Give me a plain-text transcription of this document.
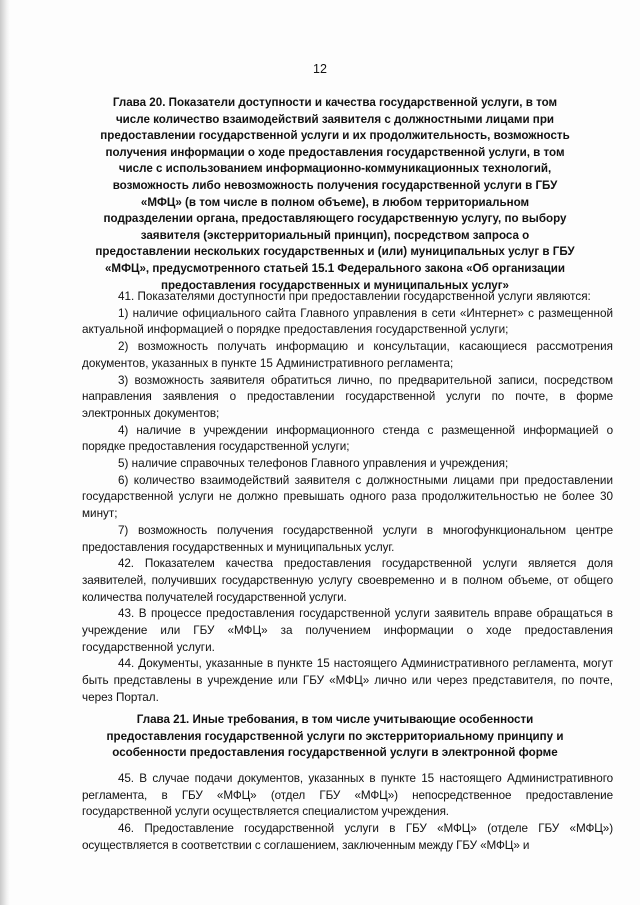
12
Глава 20. Показатели доступности и качества государственной услуги, в том
числе количество взаимодействий заявителя с должностными лицами при
предоставлении государственной услуги и их продолжительность, возможность
получения информации о ходе предоставления государственной услуги, в том
числе с использованием информационно-коммуникационных технологий,
возможность либо невозможность получения государственной услуги в ГБУ
«МФЦ» (в том числе в полном объеме), в любом территориальном
подразделении органа, предоставляющего государственную услугу, по выбору
заявителя (экстерриториальный принцип), посредством запроса о
предоставлении нескольких государственных и (или) муниципальных услуг в ГБУ
«МФЦ», предусмотренного статьей 15.1 Федерального закона «Об организации
предоставления государственных и муниципальных услуг»

41. Показателями доступности при предоставлении государственной услуги являются:

1) наличие официального сайта Главного управления в сети «Интернет» с размещенной актуальной информацией о порядке предоставления государственной услуги;

2) возможность получать информацию и консультации, касающиеся рассмотрения документов, указанных в пункте 15 Административного регламента;

3) возможность заявителя обратиться лично, по предварительной записи, посредством направления заявления о предоставлении государственной услуги по почте, в форме электронных документов;

4) наличие в учреждении информационного стенда с размещенной информацией о порядке предоставления государственной услуги;

5) наличие справочных телефонов Главного управления и учреждения;

6) количество взаимодействий заявителя с должностными лицами при предоставлении государственной услуги не должно превышать одного раза продолжительностью не более 30 минут;

7) возможность получения государственной услуги в многофункциональном центре предоставления государственных и муниципальных услуг.

42. Показателем качества предоставления государственной услуги является доля заявителей, получивших государственную услугу своевременно и в полном объеме, от общего количества получателей государственной услуги.

43. В процессе предоставления государственной услуги заявитель вправе обращаться в учреждение или ГБУ «МФЦ» за получением информации о ходе предоставления государственной услуги.

44. Документы, указанные в пункте 15 настоящего Административного регламента, могут быть представлены в учреждение или ГБУ «МФЦ» лично или через представителя, по почте, через Портал.

Глава 21. Иные требования, в том числе учитывающие особенности
предоставления государственной услуги по экстерриториальному принципу и
особенности предоставления государственной услуги в электронной форме

45. В случае подачи документов, указанных в пункте 15 настоящего Административного регламента, в ГБУ «МФЦ» (отдел ГБУ «МФЦ») непосредственное предоставление государственной услуги осуществляется специалистом учреждения.

46. Предоставление государственной услуги в ГБУ «МФЦ» (отделе ГБУ «МФЦ») осуществляется в соответствии с соглашением, заключенным между ГБУ «МФЦ» и
